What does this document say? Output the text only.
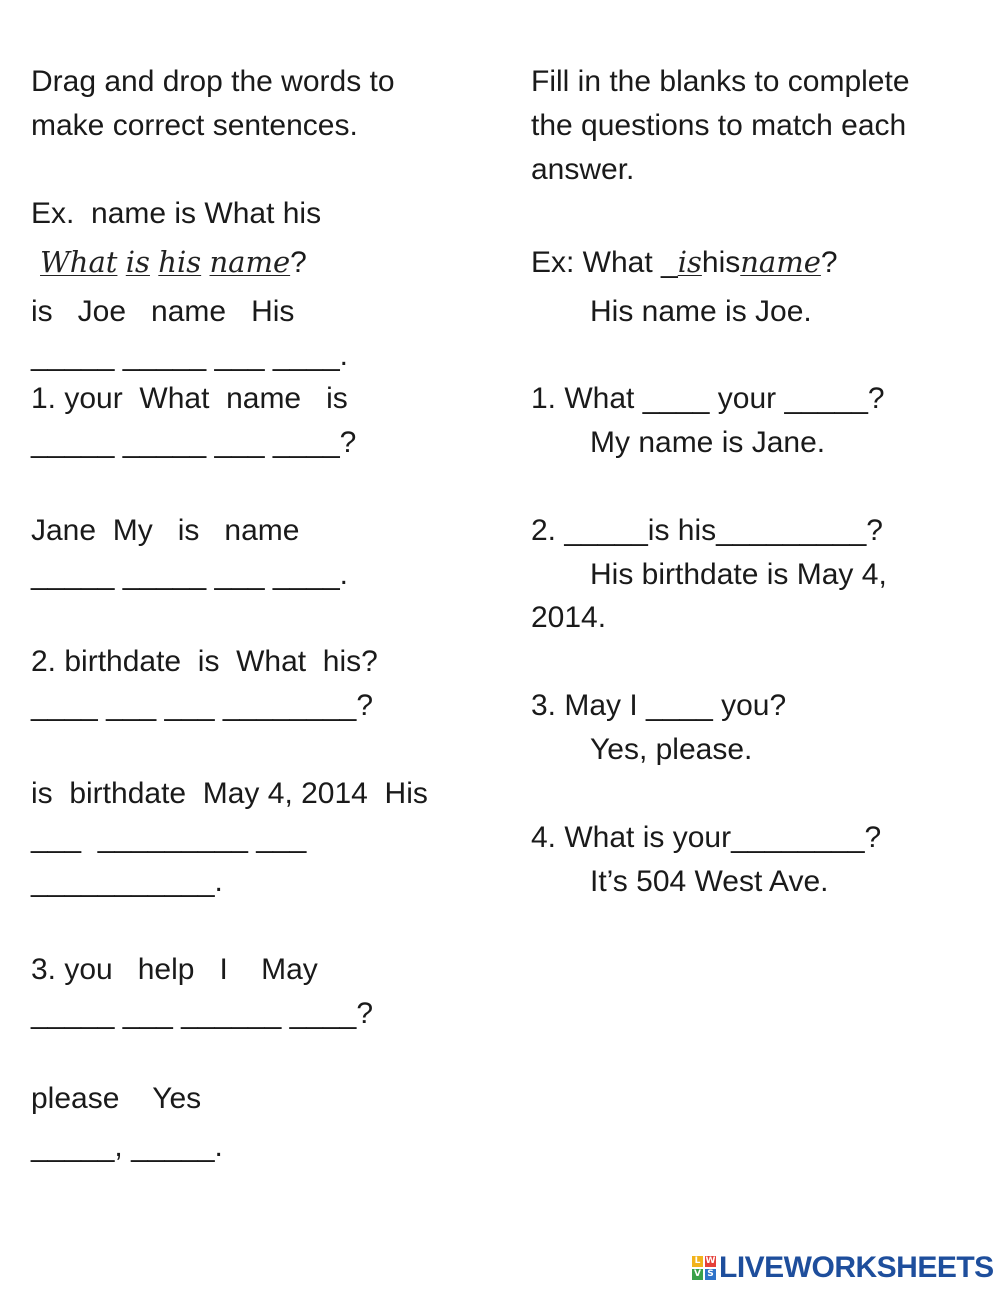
Drag and drop the words to
make correct sentences.
Ex.  name is What his
What is his name?
is   Joe   name   His
_____ _____ ___ ____.
1. your  What  name   is
_____ _____ ___ ____?
Jane  My   is   name
_____ _____ ___ ____.
2. birthdate  is  What  his?
____ ___ ___ ________?
is  birthdate  May 4, 2014  His
___  _________ ___
___________.
3. you   help   I    May
_____ ___ ______ ____?
please    Yes
_____, _____.
Fill in the blanks to complete
the questions to match each
answer.
Ex: What _ishisname?
His name is Joe.
1. What ____ your _____?
My name is Jane.
2. _____is his_________?
His birthdate is May 4,
2014.
3. May I ____ you?
Yes, please.
4. What is your________?
It’s 504 West Ave.
L W
V S LIVEWORKSHEETS
